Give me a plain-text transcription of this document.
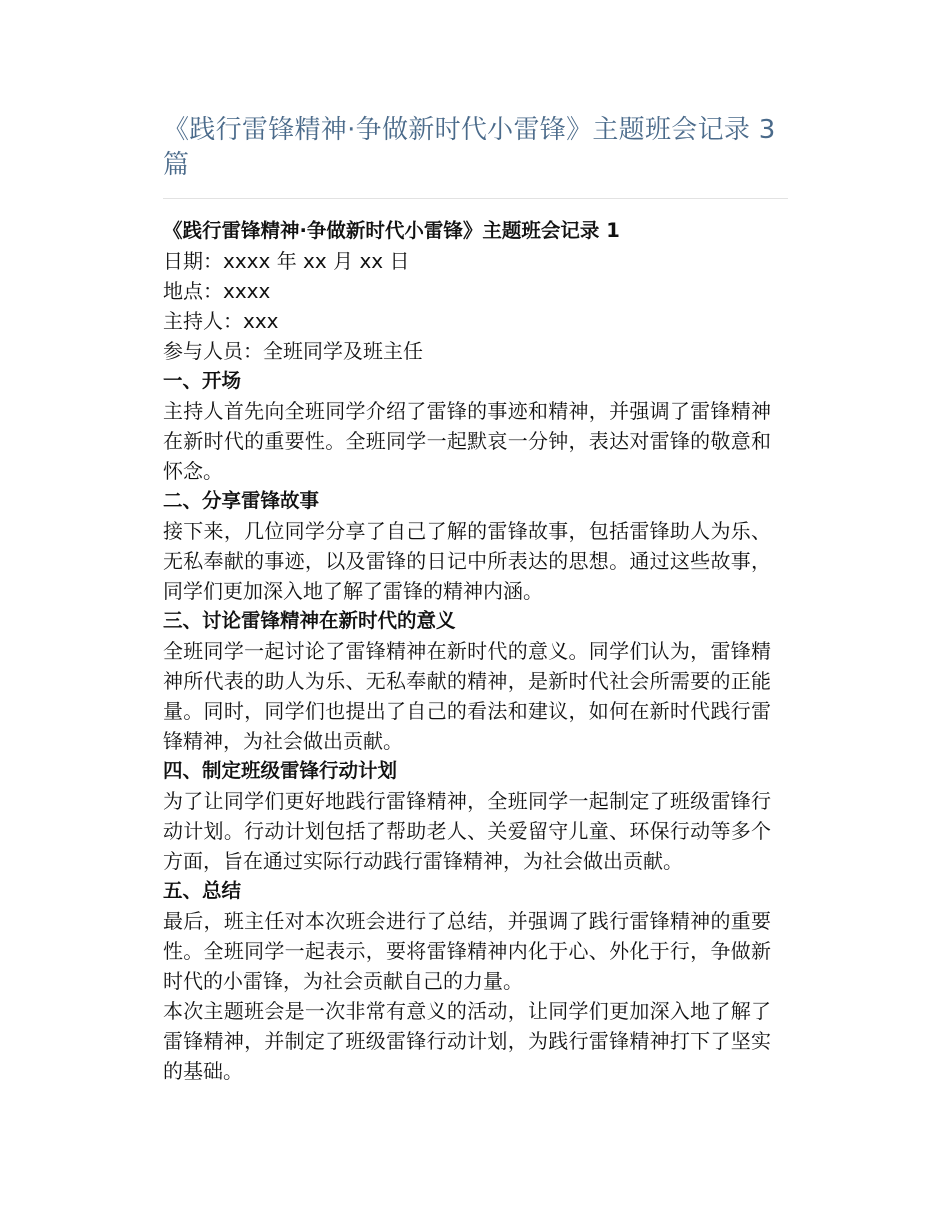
《践行雷锋精神·争做新时代小雷锋》主题班会记录 3 篇

《践行雷锋精神·争做新时代小雷锋》主题班会记录 1

日期：xxxx 年 xx 月 xx 日

地点：xxxx

主持人：xxx

参与人员：全班同学及班主任

一、开场

主持人首先向全班同学介绍了雷锋的事迹和精神，并强调了雷锋精神在新时代的重要性。全班同学一起默哀一分钟，表达对雷锋的敬意和怀念。

二、分享雷锋故事

接下来，几位同学分享了自己了解的雷锋故事，包括雷锋助人为乐、无私奉献的事迹，以及雷锋的日记中所表达的思想。通过这些故事，同学们更加深入地了解了雷锋的精神内涵。

三、讨论雷锋精神在新时代的意义

全班同学一起讨论了雷锋精神在新时代的意义。同学们认为，雷锋精神所代表的助人为乐、无私奉献的精神，是新时代社会所需要的正能量。同时，同学们也提出了自己的看法和建议，如何在新时代践行雷锋精神，为社会做出贡献。

四、制定班级雷锋行动计划

为了让同学们更好地践行雷锋精神，全班同学一起制定了班级雷锋行动计划。行动计划包括了帮助老人、关爱留守儿童、环保行动等多个方面，旨在通过实际行动践行雷锋精神，为社会做出贡献。

五、总结

最后，班主任对本次班会进行了总结，并强调了践行雷锋精神的重要性。全班同学一起表示，要将雷锋精神内化于心、外化于行，争做新时代的小雷锋，为社会贡献自己的力量。

本次主题班会是一次非常有意义的活动，让同学们更加深入地了解了雷锋精神，并制定了班级雷锋行动计划，为践行雷锋精神打下了坚实的基础。
